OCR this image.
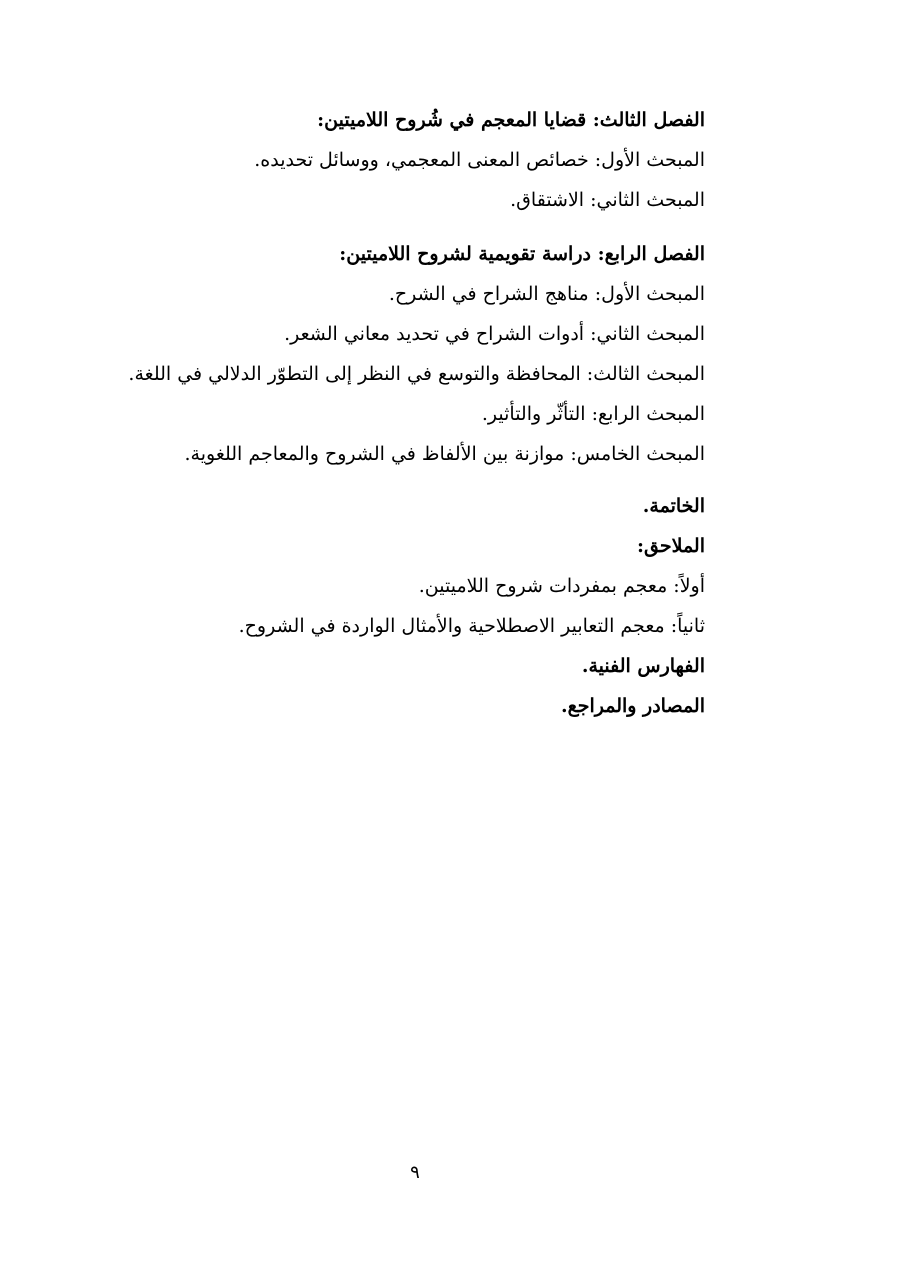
الفصل الثالث: قضايا المعجم في شُروح اللاميتين:
المبحث الأول: خصائص المعنى المعجمي، ووسائل تحديده.
المبحث الثاني: الاشتقاق.
الفصل الرابع: دراسة تقويمية لشروح اللاميتين:
المبحث الأول: مناهج الشراح في الشرح.
المبحث الثاني: أدوات الشراح في تحديد معاني الشعر.
المبحث الثالث: المحافظة والتوسع في النظر إلى التطوّر الدلالي في اللغة.
المبحث الرابع: التأثّر والتأثير.
المبحث الخامس: موازنة بين الألفاظ في الشروح والمعاجم اللغوية.
الخاتمة.
الملاحق:
أولاً: معجم بمفردات شروح اللاميتين.
ثانياً: معجم التعابير الاصطلاحية والأمثال الواردة في الشروح.
الفهارس الفنية.
المصادر والمراجع.
٩
